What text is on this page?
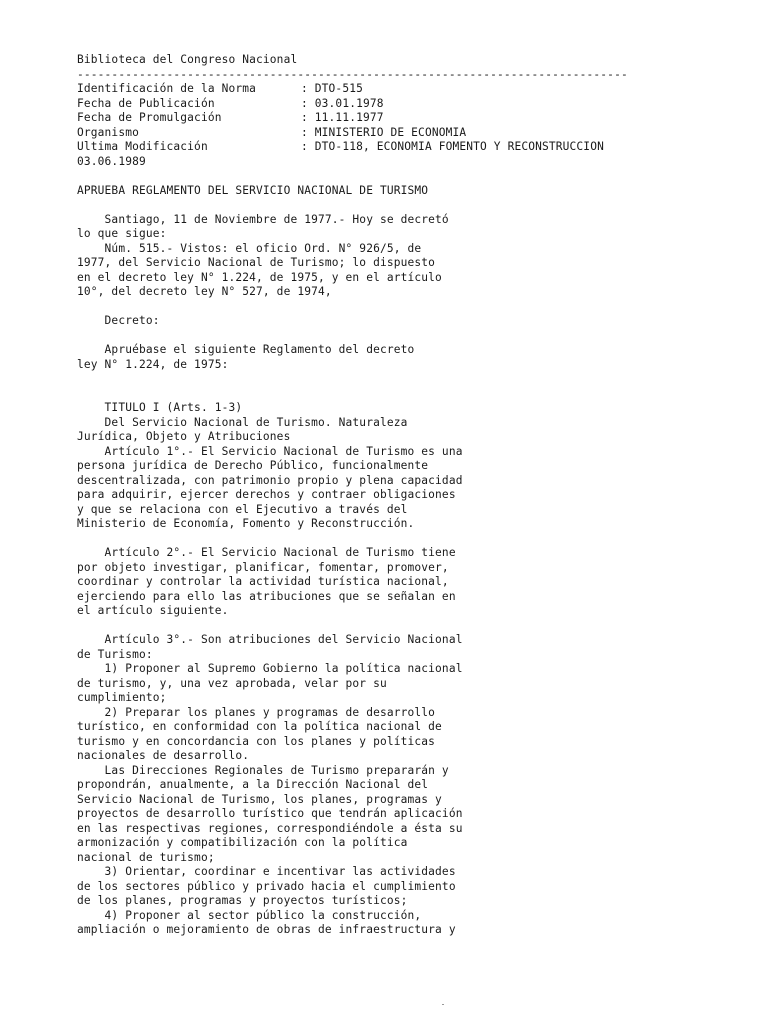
Biblioteca del Congreso Nacional
--------------------------------------------------------------------------------
Identificación de la Norma	: DTO-515
Fecha de Publicación	: 03.01.1978
Fecha de Promulgación	: 11.11.1977
Organismo	: MINISTERIO DE ECONOMIA
Ultima Modificación	: DTO-118, ECONOMIA FOMENTO Y RECONSTRUCCION
03.06.1989
APRUEBA REGLAMENTO DEL SERVICIO NACIONAL DE TURISMO
Santiago, 11 de Noviembre de 1977.- Hoy se decretó
lo que sigue:
Núm. 515.- Vistos: el oficio Ord. N° 926/5, de
1977, del Servicio Nacional de Turismo; lo dispuesto
en el decreto ley N° 1.224, de 1975, y en el artículo
10°, del decreto ley N° 527, de 1974,
Decreto:
Apruébase el siguiente Reglamento del decreto
ley N° 1.224, de 1975:
TITULO I (Arts. 1-3)
Del Servicio Nacional de Turismo. Naturaleza
Jurídica, Objeto y Atribuciones
Artículo 1°.- El Servicio Nacional de Turismo es una
persona jurídica de Derecho Público, funcionalmente
descentralizada, con patrimonio propio y plena capacidad
para adquirir, ejercer derechos y contraer obligaciones
y que se relaciona con el Ejecutivo a través del
Ministerio de Economía, Fomento y Reconstrucción.
Artículo 2°.- El Servicio Nacional de Turismo tiene
por objeto investigar, planificar, fomentar, promover,
coordinar y controlar la actividad turística nacional,
ejerciendo para ello las atribuciones que se señalan en
el artículo siguiente.
Artículo 3°.- Son atribuciones del Servicio Nacional
de Turismo:
1) Proponer al Supremo Gobierno la política nacional
de turismo, y, una vez aprobada, velar por su
cumplimiento;
2) Preparar los planes y programas de desarrollo
turístico, en conformidad con la política nacional de
turismo y en concordancia con los planes y políticas
nacionales de desarrollo.
Las Direcciones Regionales de Turismo prepararán y
propondrán, anualmente, a la Dirección Nacional del
Servicio Nacional de Turismo, los planes, programas y
proyectos de desarrollo turístico que tendrán aplicación
en las respectivas regiones, correspondiéndole a ésta su
armonización y compatibilización con la política
nacional de turismo;
3) Orientar, coordinar e incentivar las actividades
de los sectores público y privado hacia el cumplimiento
de los planes, programas y proyectos turísticos;
4) Proponer al sector público la construcción,
ampliación o mejoramiento de obras de infraestructura y
